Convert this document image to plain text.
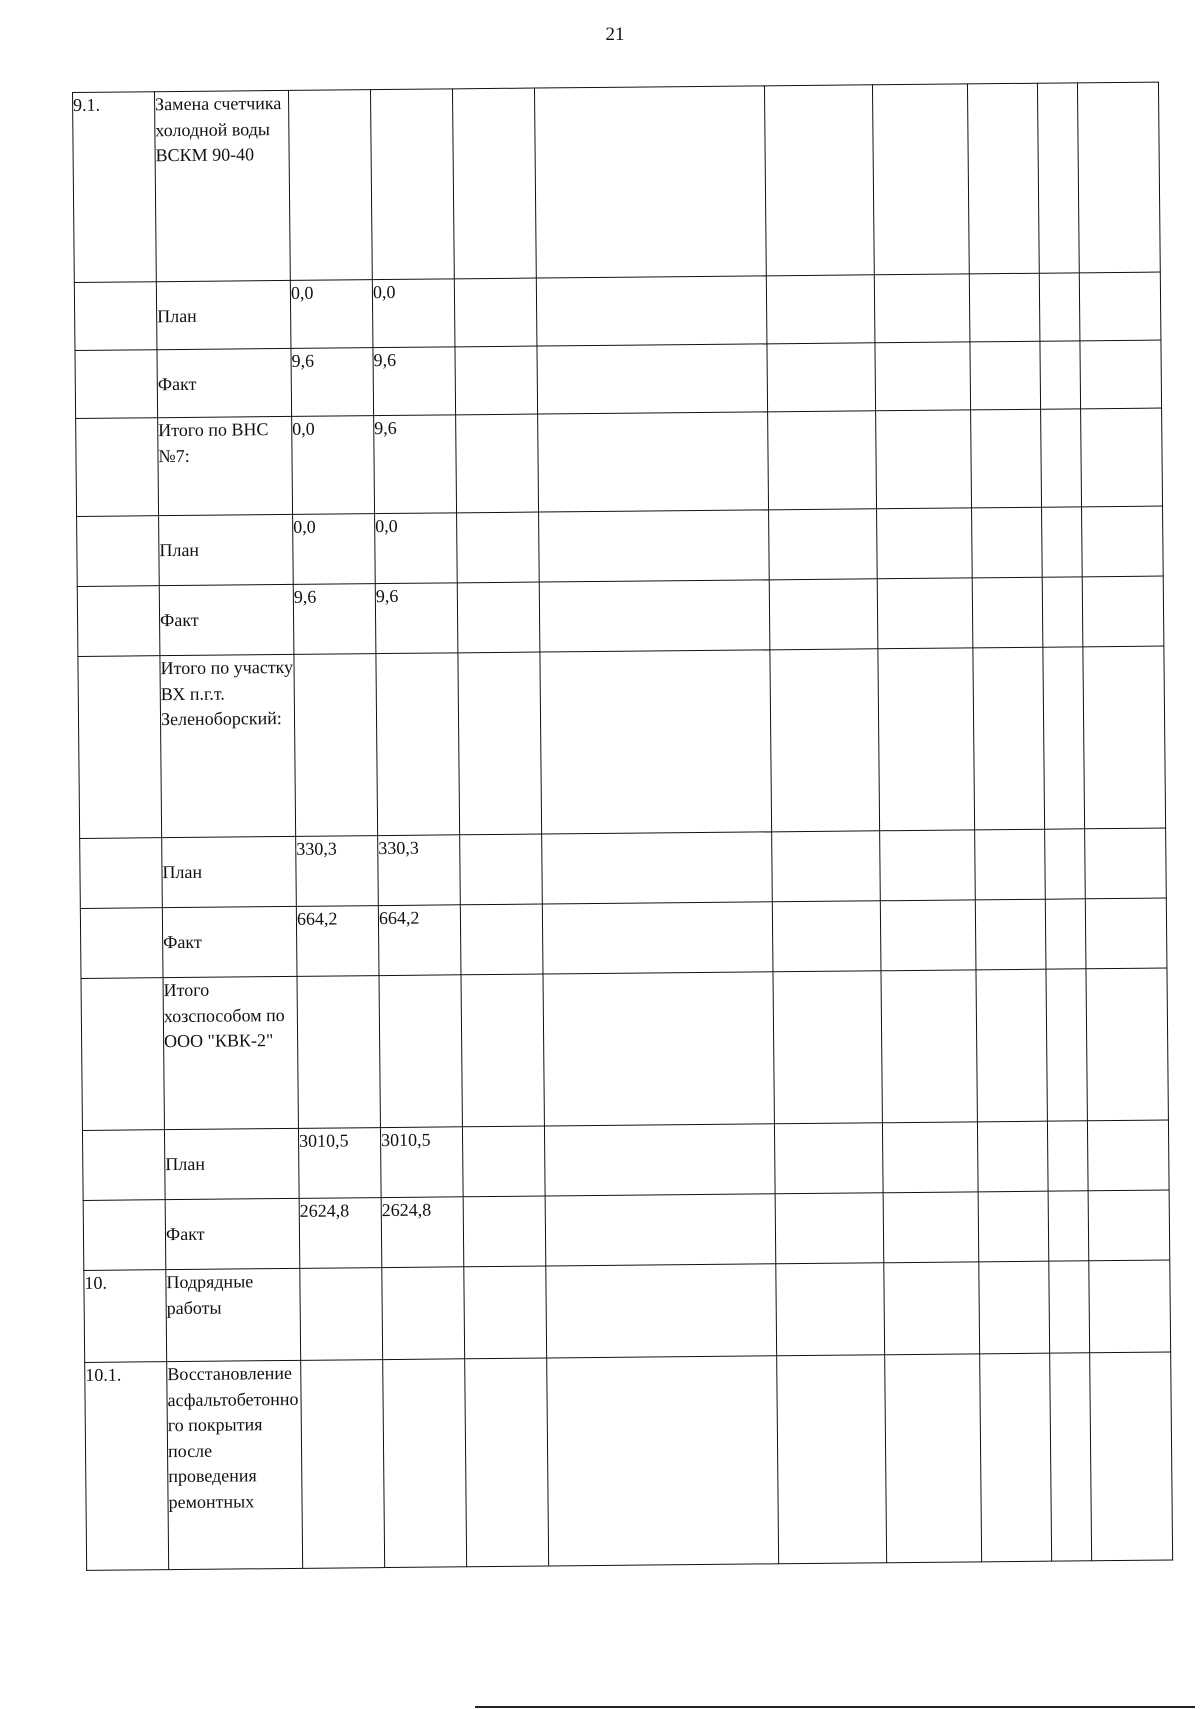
21
9.1.	Замена счетчика холодной воды ВСКМ 90-40									
	План	0,0	0,0							
	Факт	9,6	9,6							
	Итого по ВНС №7:	0,0	9,6							
	План	0,0	0,0							
	Факт	9,6	9,6							
	Итого по участку ВХ п.г.т. Зеленоборский:									
	План	330,3	330,3							
	Факт	664,2	664,2							
	Итого хозспособом по ООО "КВК-2"									
	План	3010,5	3010,5							
	Факт	2624,8	2624,8							
10.	Подрядные работы									
10.1.	Восстановление асфальтобетонного покрытия после проведения ремонтных									
